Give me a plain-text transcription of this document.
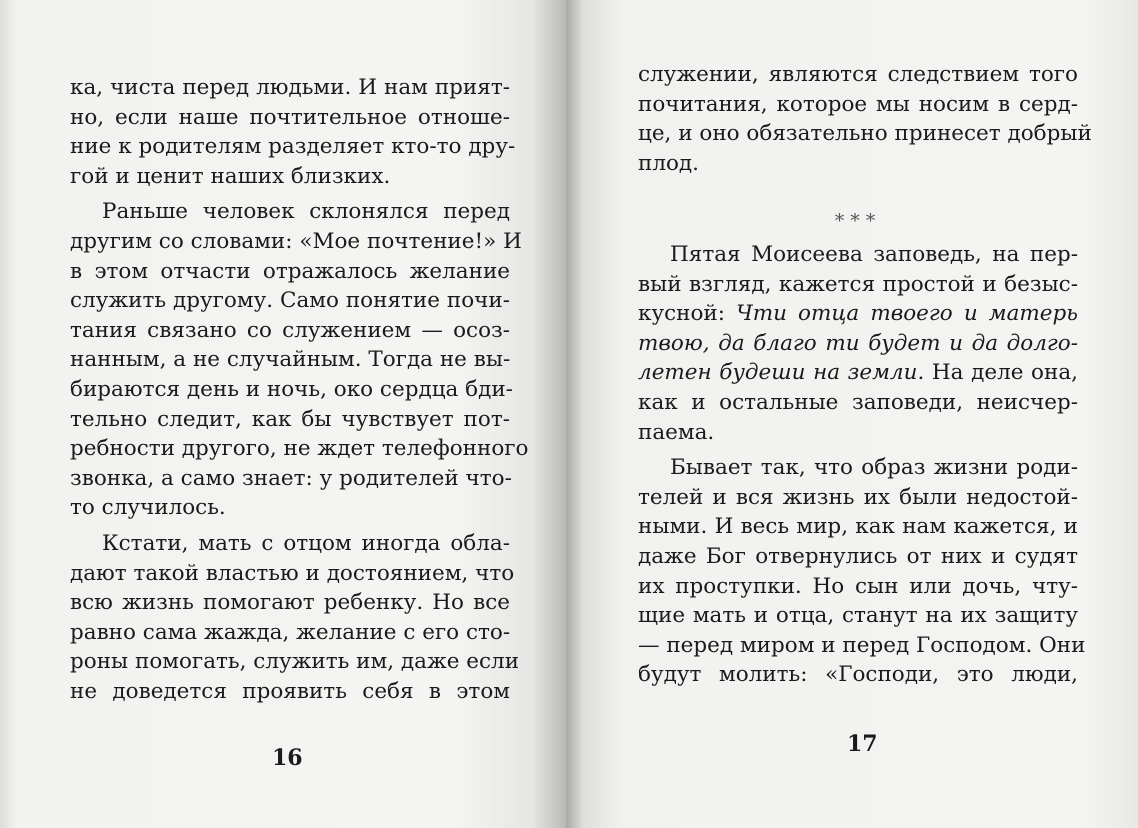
ка, чиста перед людьми. И нам прият-
но, если наше почтительное отноше-
ние к родителям разделяет кто-то дру-
гой и ценит наших близких.

Раньше человек склонялся перед
другим со словами: «Мое почтение!» И
в этом отчасти отражалось желание
служить другому. Само понятие почи-
тания связано со служением — осоз-
нанным, а не случайным. Тогда не вы-
бираются день и ночь, око сердца бди-
тельно следит, как бы чувствует пот-
ребности другого, не ждет телефонного
звонка, а само знает: у родителей что-
то случилось.

Кстати, мать с отцом иногда обла-
дают такой властью и достоянием, что
всю жизнь помогают ребенку. Но все
равно сама жажда, желание с его сто-
роны помогать, служить им, даже если
не доведется проявить себя в этом

16

служении, являются следствием того
почитания, которое мы носим в серд-
це, и оно обязательно принесет добрый
плод.

***

Пятая Моисеева заповедь, на пер-
вый взгляд, кажется простой и безыс-
кусной: Чти отца твоего и матерь
твою, да благо ти будет и да долго-
летен будеши на земли. На деле она,
как и остальные заповеди, неисчер-
паема.

Бывает так, что образ жизни роди-
телей и вся жизнь их были недостой-
ными. И весь мир, как нам кажется, и
даже Бог отвернулись от них и судят
их проступки. Но сын или дочь, чту-
щие мать и отца, станут на их защиту
— перед миром и перед Господом. Они
будут молить: «Господи, это люди,

17
